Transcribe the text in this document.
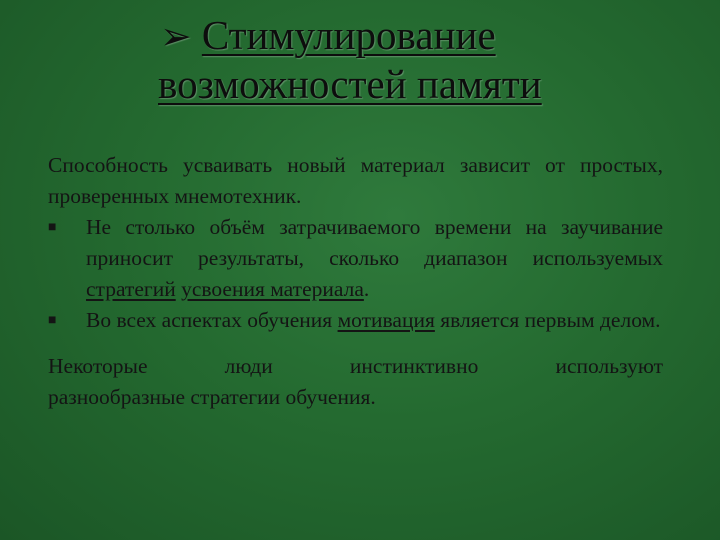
➢ Стимулирование
возможностей памяти

Способность усваивать новый материал зависит от простых, проверенных мнемотехник.

■ Не столько объём затрачиваемого времени на заучивание приносит результаты, сколько диапазон используемых стратегий усвоения материала.

■ Во всех аспектах обучения мотивация является первым делом.

Некоторые люди инстинктивно используют

разнообразные стратегии обучения.
